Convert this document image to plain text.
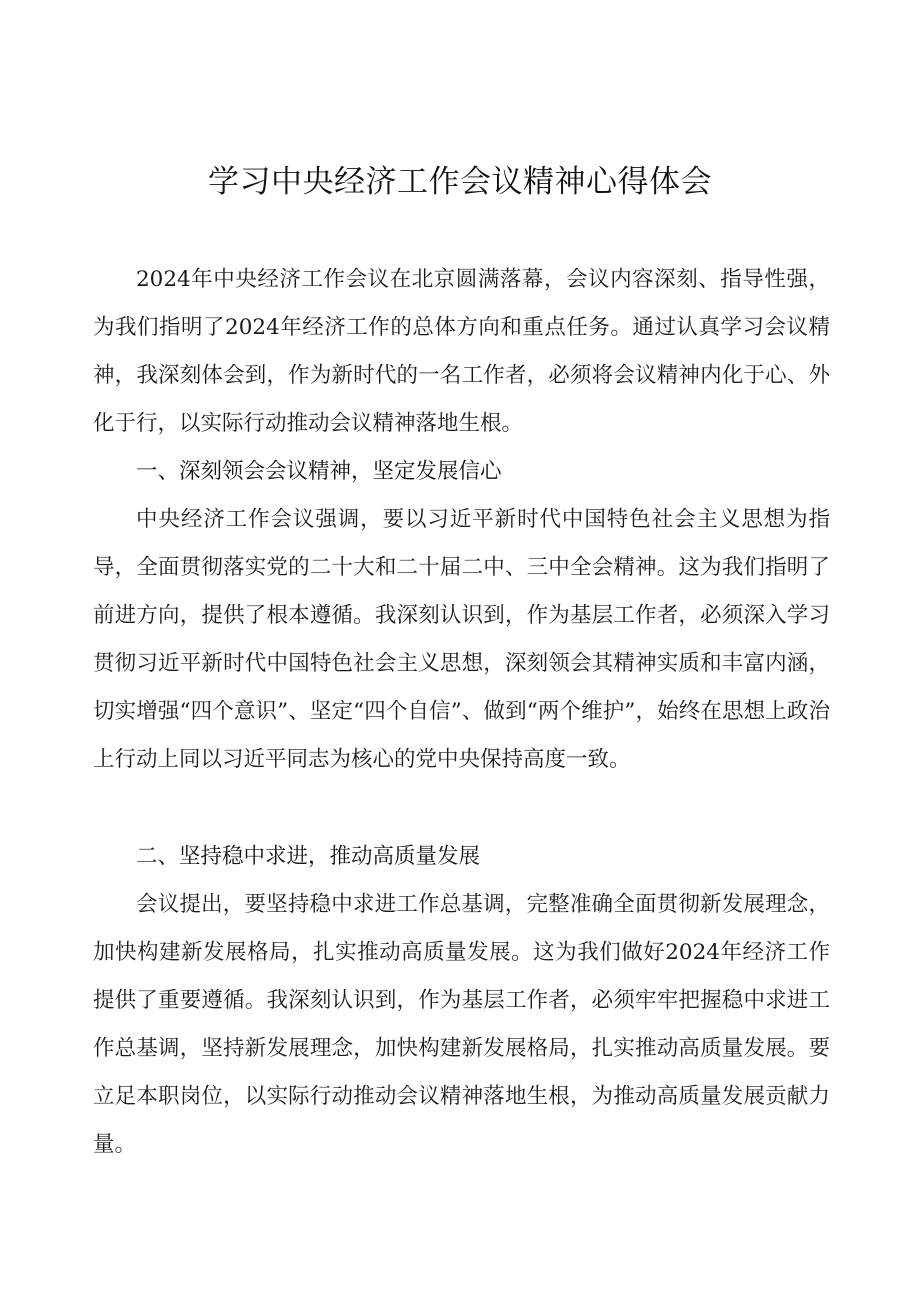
学习中央经济工作会议精神心得体会

2024年中央经济工作会议在北京圆满落幕，会议内容深刻、指导性强，为我们指明了2024年经济工作的总体方向和重点任务。通过认真学习会议精神，我深刻体会到，作为新时代的一名工作者，必须将会议精神内化于心、外化于行，以实际行动推动会议精神落地生根。

一、深刻领会会议精神，坚定发展信心

中央经济工作会议强调，要以习近平新时代中国特色社会主义思想为指导，全面贯彻落实党的二十大和二十届二中、三中全会精神。这为我们指明了前进方向，提供了根本遵循。我深刻认识到，作为基层工作者，必须深入学习贯彻习近平新时代中国特色社会主义思想，深刻领会其精神实质和丰富内涵，切实增强“四个意识”、坚定“四个自信”、做到“两个维护”，始终在思想上政治上行动上同以习近平同志为核心的党中央保持高度一致。

二、坚持稳中求进，推动高质量发展

会议提出，要坚持稳中求进工作总基调，完整准确全面贯彻新发展理念，加快构建新发展格局，扎实推动高质量发展。这为我们做好2024年经济工作提供了重要遵循。我深刻认识到，作为基层工作者，必须牢牢把握稳中求进工作总基调，坚持新发展理念，加快构建新发展格局，扎实推动高质量发展。要立足本职岗位，以实际行动推动会议精神落地生根，为推动高质量发展贡献力量。
